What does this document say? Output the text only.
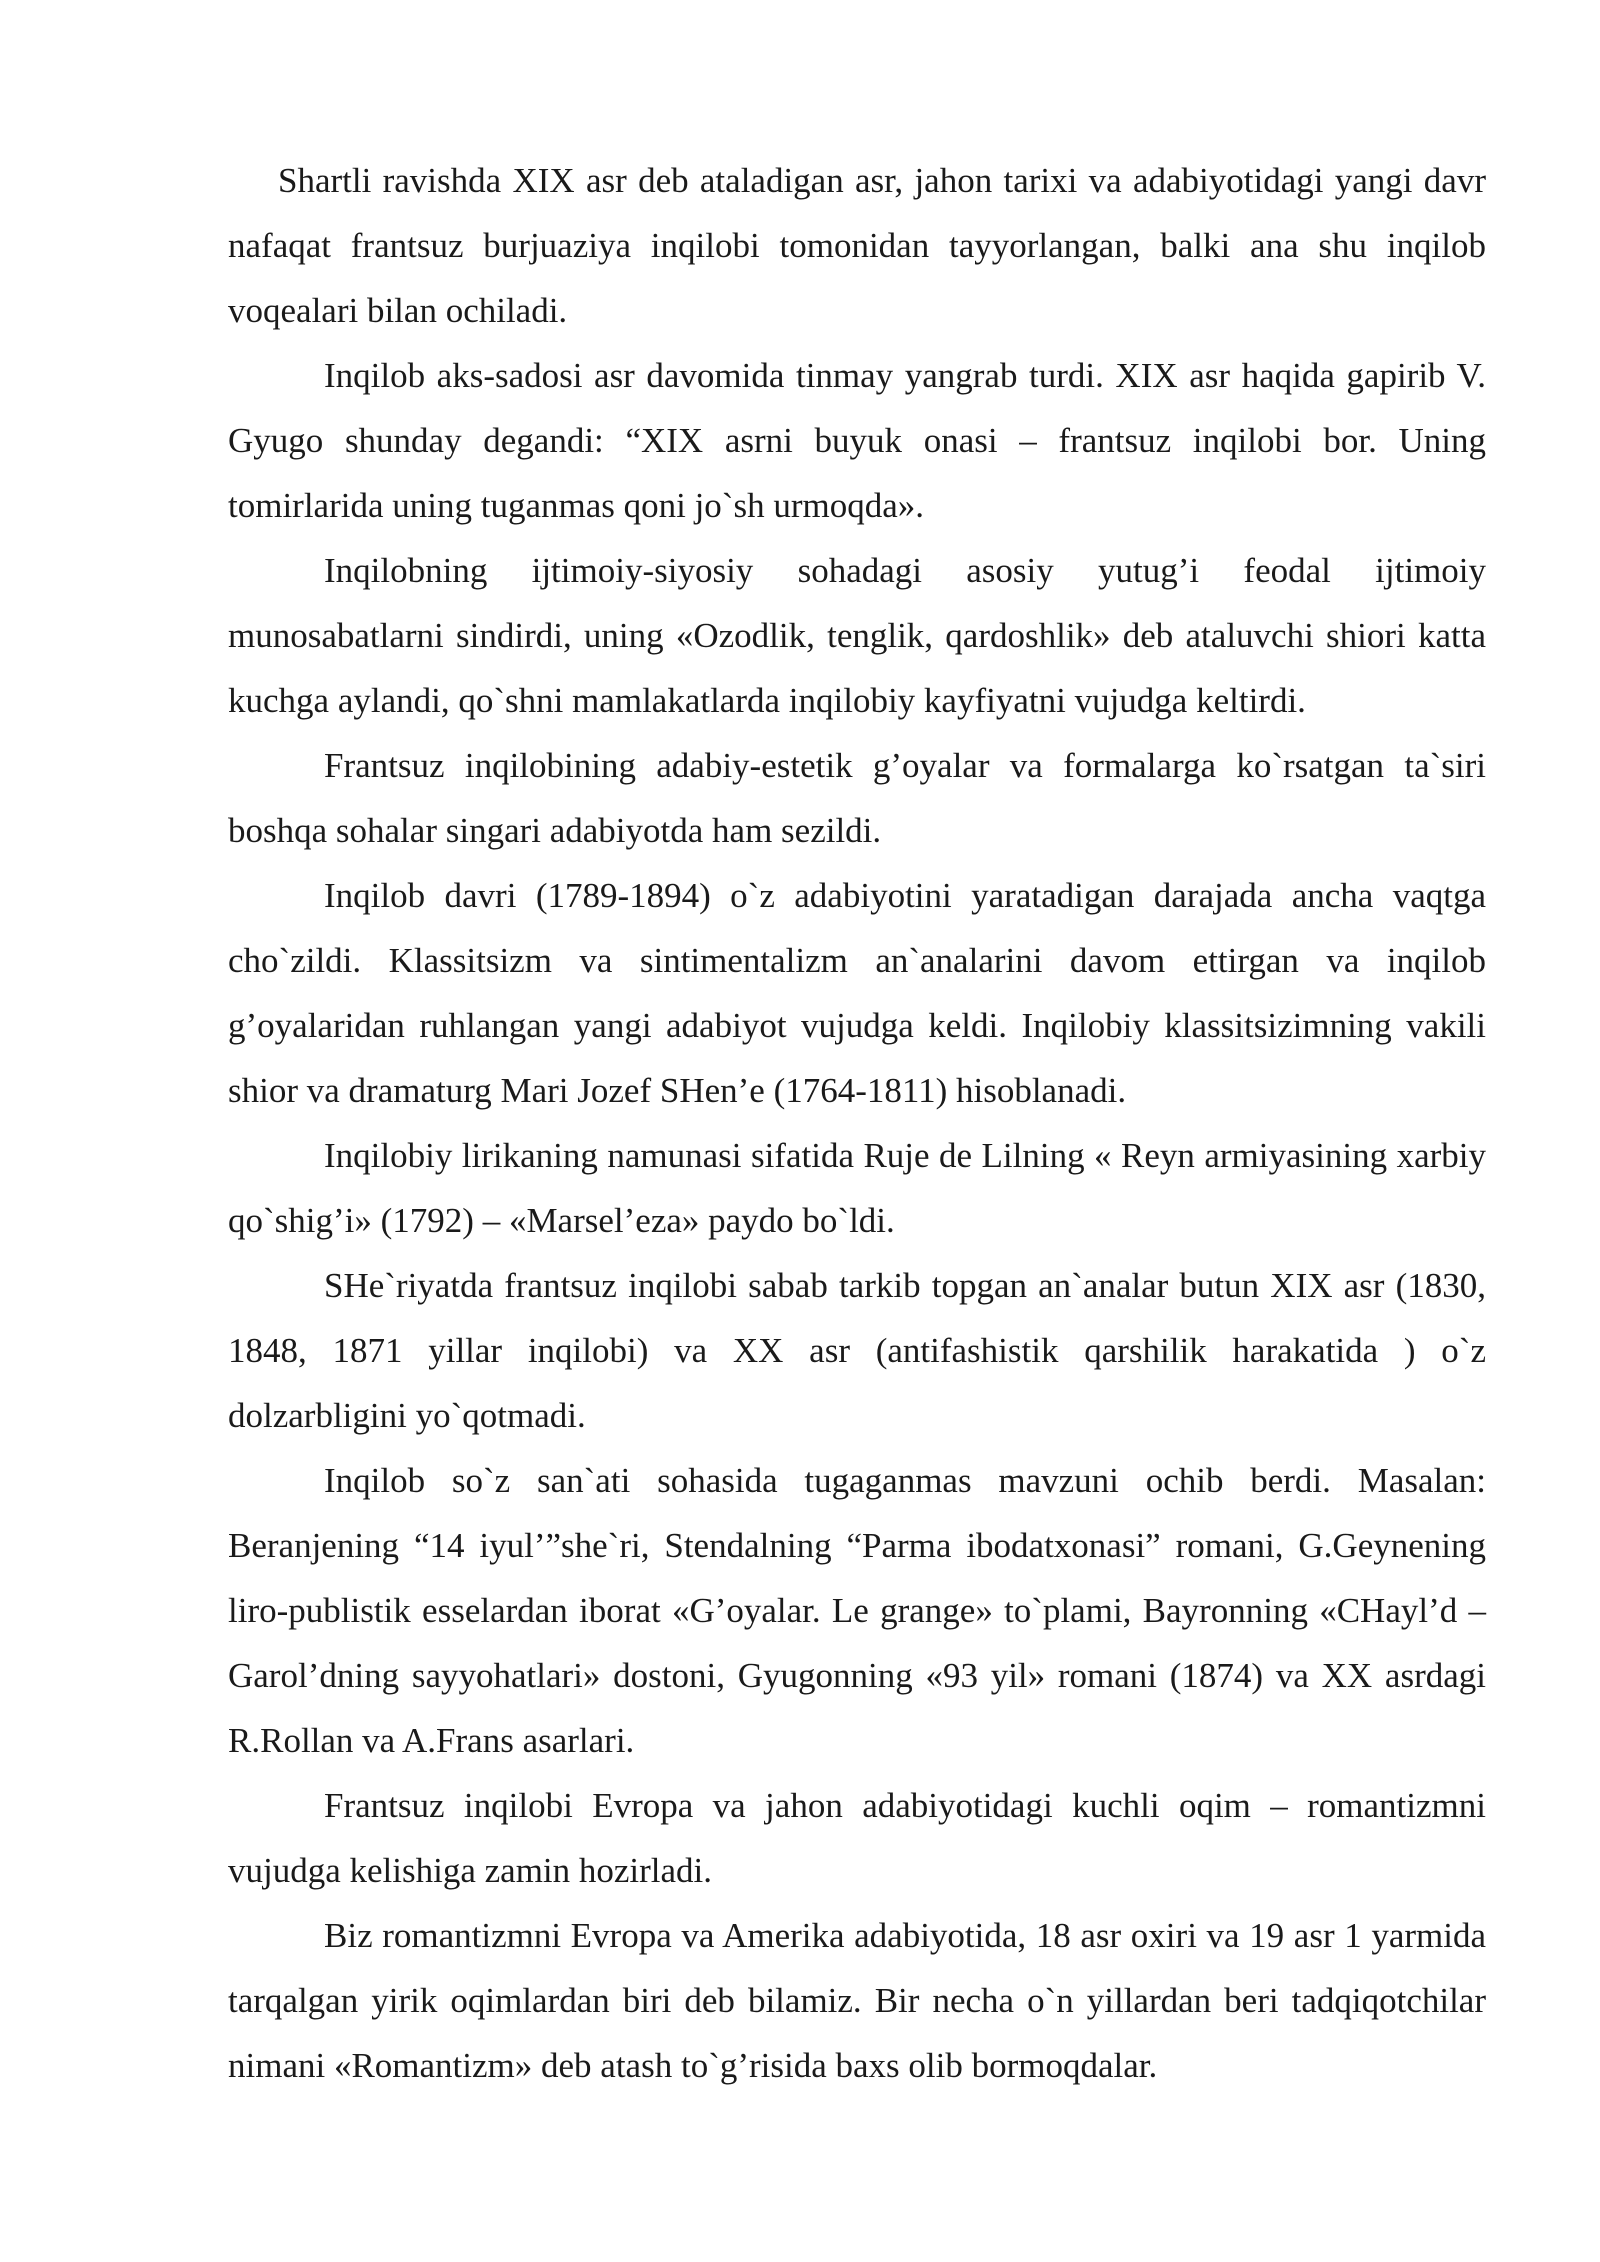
Shartli ravishda XIX asr deb ataladigan asr, jahon tarixi va adabiyotidagi yangi davr nafaqat frantsuz burjuaziya inqilobi tomonidan tayyorlangan, balki ana shu inqilob voqealari bilan ochiladi.

Inqilob aks-sadosi asr davomida tinmay yangrab turdi. XIX asr haqida gapirib V. Gyugo shunday degandi: “XIX asrni buyuk onasi – frantsuz inqilobi bor. Uning tomirlarida uning tuganmas qoni jo`sh urmoqda».

Inqilobning ijtimoiy-siyosiy sohadagi asosiy yutug’i feodal ijtimoiy munosabatlarni sindirdi, uning «Ozodlik, tenglik, qardoshlik» deb ataluvchi shiori katta kuchga aylandi, qo`shni mamlakatlarda inqilobiy kayfiyatni vujudga keltirdi.

Frantsuz inqilobining adabiy-estetik g’oyalar va formalarga ko`rsatgan ta`siri boshqa sohalar singari adabiyotda ham sezildi.

Inqilob davri (1789-1894) o`z adabiyotini yaratadigan darajada ancha vaqtga cho`zildi. Klassitsizm va sintimentalizm an`analarini davom ettirgan va inqilob g’oyalaridan ruhlangan yangi adabiyot vujudga keldi. Inqilobiy klassitsizimning vakili shior va dramaturg Mari Jozef SHen’e (1764-1811) hisoblanadi.

Inqilobiy lirikaning namunasi sifatida Ruje de Lilning « Reyn armiyasining xarbiy qo`shig’i» (1792) – «Marsel’eza» paydo bo`ldi.

SHe`riyatda frantsuz inqilobi sabab tarkib topgan an`analar butun XIX asr (1830, 1848, 1871 yillar inqilobi) va XX asr (antifashistik qarshilik harakatida ) o`z dolzarbligini yo`qotmadi.

Inqilob so`z san`ati sohasida tugaganmas mavzuni ochib berdi. Masalan: Beranjening “14 iyul’”she`ri, Stendalning “Parma ibodatxonasi” romani, G.Geynening liro-publistik esselardan iborat «G’oyalar. Le grange» to`plami, Bayronning «CHayl’d – Garol’dning sayyohatlari» dostoni, Gyugonning «93 yil» romani (1874) va XX asrdagi R.Rollan va A.Frans asarlari.

Frantsuz inqilobi Evropa va jahon adabiyotidagi kuchli oqim – romantizmni vujudga kelishiga zamin hozirladi.

Biz romantizmni Evropa va Amerika adabiyotida, 18 asr oxiri va 19 asr 1 yarmida tarqalgan yirik oqimlardan biri deb bilamiz. Bir necha o`n yillardan beri tadqiqotchilar nimani «Romantizm» deb atash to`g’risida baxs olib bormoqdalar.
